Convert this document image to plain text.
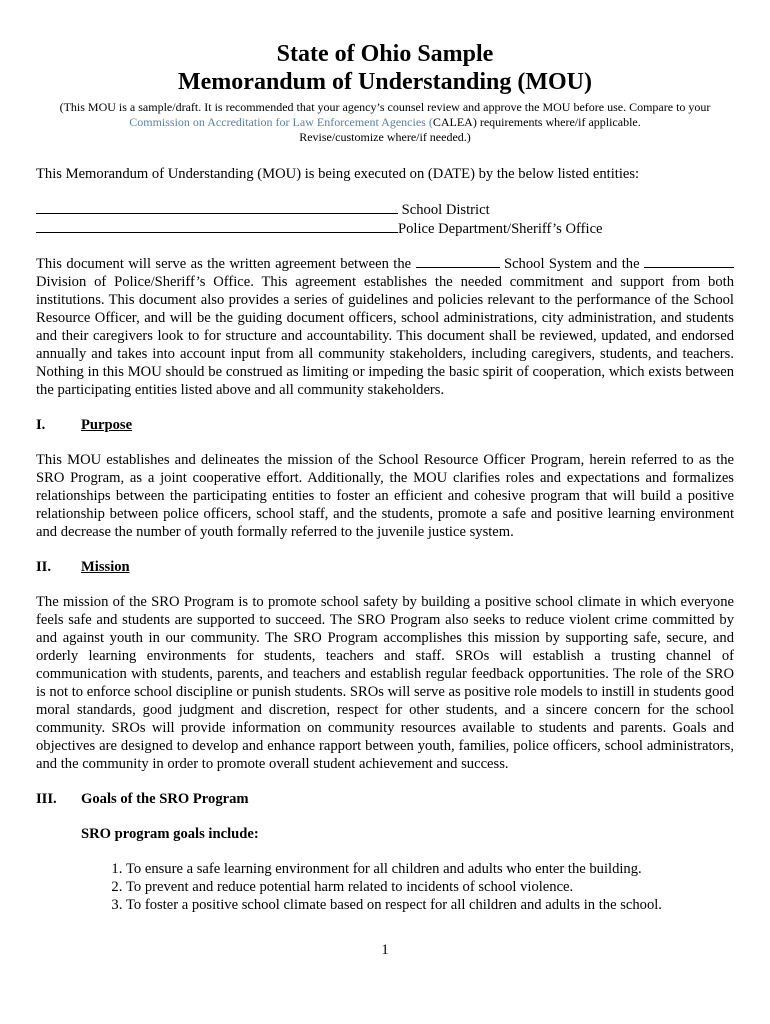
State of Ohio Sample
Memorandum of Understanding (MOU)

(This MOU is a sample/draft. It is recommended that your agency’s counsel review and approve the MOU before use. Compare to your Commission on Accreditation for Law Enforcement Agencies (CALEA) requirements where/if applicable.
Revise/customize where/if needed.)

This Memorandum of Understanding (MOU) is being executed on (DATE) by the below listed entities:

School District

Police Department/Sheriff’s Office

This document will serve as the written agreement between the	School System and the Division of Police/Sheriff’s Office. This agreement establishes the needed commitment and support from both institutions. This document also provides a series of guidelines and policies relevant to the performance of the School Resource Officer, and will be the guiding document officers, school administrations, city administration, and students and their caregivers look to for structure and accountability. This document shall be reviewed, updated, and endorsed annually and takes into account input from all community stakeholders, including caregivers, students, and teachers. Nothing in this MOU should be construed as limiting or impeding the basic spirit of cooperation, which exists between the participating entities listed above and all community stakeholders.

I. Purpose

This MOU establishes and delineates the mission of the School Resource Officer Program, herein referred to as the SRO Program, as a joint cooperative effort. Additionally, the MOU clarifies roles and expectations and formalizes relationships between the participating entities to foster an efficient and cohesive program that will build a positive relationship between police officers, school staff, and the students, promote a safe and positive learning environment and decrease the number of youth formally referred to the juvenile justice system.

II. Mission

The mission of the SRO Program is to promote school safety by building a positive school climate in which everyone feels safe and students are supported to succeed. The SRO Program also seeks to reduce violent crime committed by and against youth in our community. The SRO Program accomplishes this mission by supporting safe, secure, and orderly learning environments for students, teachers and staff. SROs will establish a trusting channel of communication with students, parents, and teachers and establish regular feedback opportunities. The role of the SRO is not to enforce school discipline or punish students. SROs will serve as positive role models to instill in students good moral standards, good judgment and discretion, respect for other students, and a sincere concern for the school community. SROs will provide information on community resources available to students and parents. Goals and objectives are designed to develop and enhance rapport between youth, families, police officers, school administrators, and the community in order to promote overall student achievement and success.

III. Goals of the SRO Program

SRO program goals include:

1. To ensure a safe learning environment for all children and adults who enter the building.
2. To prevent and reduce potential harm related to incidents of school violence.
3. To foster a positive school climate based on respect for all children and adults in the school.
1
